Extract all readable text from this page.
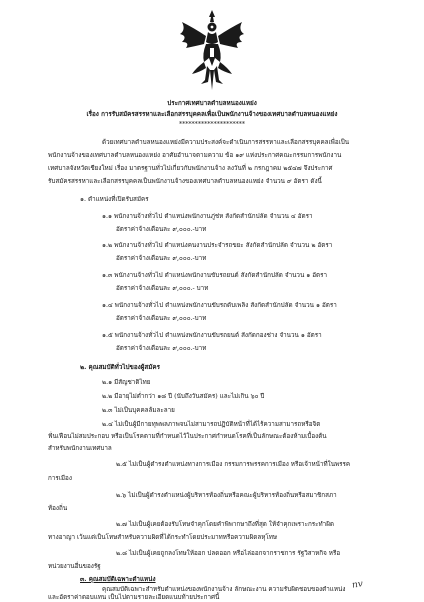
ประกาศเทศบาลตำบลหนองแหย่ง
เรื่อง การรับสมัครสรรหาและเลือกสรรบุคคลเพื่อเป็นพนักงานจ้างของเทศบาลตำบลหนองแหย่ง
*********************
ด้วยเทศบาลตำบลหนองแหย่งมีความประสงค์จะดำเนินการสรรหาและเลือกสรรบุคคลเพื่อเป็น
พนักงานจ้างของเทศบาลตำบลหนองแหย่ง อาศัยอำนาจตามความ ข้อ ๑๙ แห่งประกาศคณะกรรมการพนักงาน
เทศบาลจังหวัดเชียงใหม่ เรื่อง มาตรฐานทั่วไปเกี่ยวกับพนักงานจ้าง ลงวันที่ ๒ กรกฎาคม ๒๕๔๗ จึงประกาศ
รับสมัครสรรหาและเลือกสรรบุคคลเป็นพนักงานจ้างของเทศบาลตำบลหนองแหย่ง จำนวน ๙ อัตรา ดังนี้
๑. ตำแหน่งที่เปิดรับสมัคร
๑.๑ พนักงานจ้างทั่วไป ตำแหน่งพนักงานภู่ช่ห สังกัดสำนักปลัด จำนวน ๔ อัตรา
อัตราค่าจ้างเดือนละ ๙,๐๐๐.-บาท
๑.๒ พนักงานจ้างทั่วไป ตำแหน่งคนงานประจำรถขยะ สังกัดสำนักปลัด จำนวน ๒ อัตรา
อัตราค่าจ้างเดือนละ ๙,๐๐๐.-บาท
๑.๓ พนักงานจ้างทั่วไป ตำแหน่งพนักงานขับรถยนต์ สังกัดสำนักปลัด จำนวน ๑ อัตรา
อัตราค่าจ้างเดือนละ ๙,๐๐๐.- บาท
๑.๔ พนักงานจ้างทั่วไป ตำแหน่งพนักงานขับรถดับเพลิง สังกัดสำนักปลัด จำนวน ๑ อัตรา
อัตราค่าจ้างเดือนละ ๙,๐๐๐.-บาท
๑.๕ พนักงานจ้างทั่วไป ตำแหน่งพนักงานขับรถยนต์ สังกัดกองช่าง จำนวน ๑ อัตรา
อัตราค่าจ้างเดือนละ ๙,๐๐๐.-บาท
๒. คุณสมบัติทั่วไปของผู้สมัคร
๒.๑ มีสัญชาติไทย
๒.๒ มีอายุไม่ต่ำกว่า ๑๘ ปี (นับถึงวันสมัคร) และไม่เกิน ๖๐ ปี
๒.๓ ไม่เป็นบุคคลล้มละลาย
๒.๔ ไม่เป็นผู้มีกายทุพพลภาพจนไม่สามารถปฏิบัติหน้าที่ได้ไร้ความสามารถหรือจิต
ฟั่นเฟือนไม่สมประกอบ หรือเป็นโรคตามที่กำหนดไว้ในประกาศกำหนดโรคที่เป็นลักษณะต้องห้ามเบื้องต้น
สำหรับพนักงานเทศบาล
๒.๕ ไม่เป็นผู้ดำรงตำแหน่งทางการเมือง กรรมการพรรคการเมือง หรือเจ้าหน้าที่ในพรรค
การเมือง
๒.๖ ไม่เป็นผู้ดำรงตำแหน่งผู้บริหารท้องถิ่นหรือคณะผู้บริหารท้องถิ่นหรือสมาชิกสภา
ท้องถิ่น
๒.๗ ไม่เป็นผู้เคยต้องรับโทษจำคุกโดยคำพิพากษาถึงที่สุด ให้จำคุกเพราะกระทำผิด
ทางอาญา เว้นแต่เป็นโทษสำหรับความผิดที่ได้กระทำโดยประมาทหรือความผิดลหุโทษ
๒.๘ ไม่เป็นผู้เคยถูกลงโทษให้ออก ปลดออก หรือไล่ออกจากราชการ รัฐวิสาหกิจ หรือ
หน่วยงานอื่นของรัฐ
๓. คุณสมบัติเฉพาะตำแหน่ง
คุณสมบัติเฉพาะสำหรับตำแหน่งของพนักงานจ้าง ลักษณะงาน ความรับผิดชอบของตำแหน่ง
และอัตราค่าตอบแทน เป็นไปตามรายละเอียดแนบท้ายประกาศนี้
nv
